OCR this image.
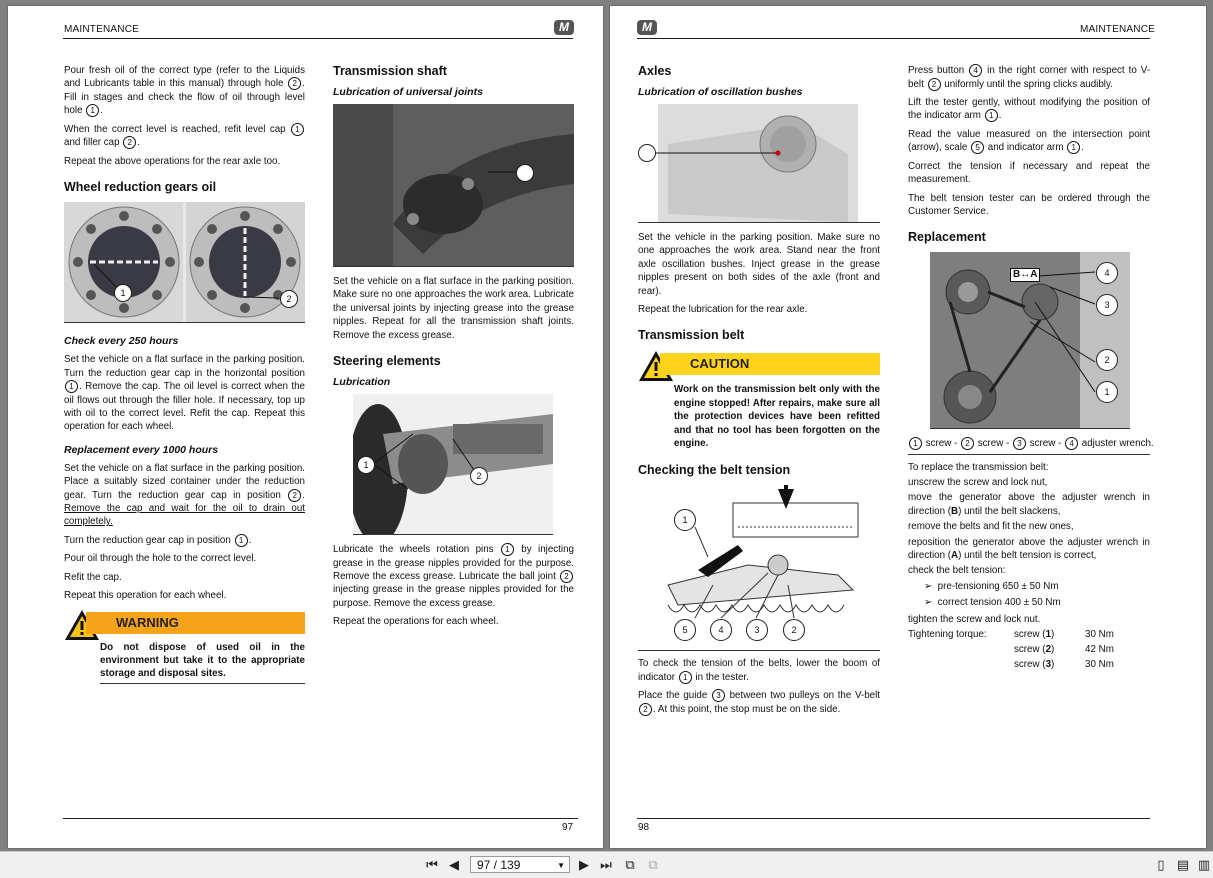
MAINTENANCE	M

Pour fresh oil of the correct type (refer to the Liquids and Lubricants table in this manual) through hole 2 . Fill in stages and check the flow of oil through level hole 1 .

When the correct level is reached, refit level cap 1 and filler cap 2 .

Repeat the above operations for the rear axle too.

Wheel reduction gears oil
1
2
Check every 250 hours

Set the vehicle on a flat surface in the parking position. Turn the reduction gear cap in the horizontal position 1 . Remove the cap. The oil level is correct when the oil flows out through the filler hole. If necessary, top up with oil to the correct level. Refit the cap. Repeat this operation for each wheel.

Replacement every 1000 hours

Set the vehicle on a flat surface in the parking position. Place a suitably sized container under the reduction gear. Turn the reduction gear cap in position 2 . Remove the cap and wait for the oil to drain out completely.

Turn the reduction gear cap in position 1 .

Pour oil through the hole to the correct level.

Refit the cap.

Repeat this operation for each wheel.

WARNING
Do not dispose of used oil in the environment but take it to the appropriate storage and disposal sites.
Transmission shaft
Lubrication of universal joints

Set the vehicle on a flat surface in the parking position. Make sure no one approaches the work area. Lubricate the universal joints by injecting grease into the grease nipples. Repeat for all the transmission shaft joints. Remove the excess grease.

Steering elements
Lubrication
1
2

Lubricate the wheels rotation pins 1 by injecting grease in the grease nipples provided for the purpose. Remove the excess grease. Lubricate the ball joint 2 injecting grease in the grease nipples provided for the purpose. Remove the excess grease.

Repeat the operations for each wheel.

97
M	MAINTENANCE
Axles
Lubrication of oscillation bushes

Set the vehicle in the parking position. Make sure no one approaches the work area. Stand near the front axle oscillation bushes. Inject grease in the grease nipples present on both sides of the axle (front and rear).

Repeat the lubrication for the rear axle.

Transmission belt
CAUTION
Work on the transmission belt only with the engine stopped! After repairs, make sure all the protection devices have been refitted and that no tool has been forgotten on the engine.
Checking the belt tension
1
5	4	3	2

To check the tension of the belts, lower the boom of indicator 1 in the tester.

Place the guide 3 between two pulleys on the V-belt 2 . At this point, the stop must be on the side.

Press button 4 in the right corner with respect to V-belt 2 uniformly until the spring clicks audibly.

Lift the tester gently, without modifying the position of the indicator arm 1 .

Read the value measured on the intersection point (arrow), scale 5 and indicator arm 1 .

Correct the tension if necessary and repeat the measurement.

The belt tension tester can be ordered through the Customer Service.

Replacement
B↔A	4
3
2
1
1 screw - 2 screw - 3 screw - 4 adjuster wrench.

To replace the transmission belt:

unscrew the screw and lock nut,

move the generator above the adjuster wrench in direction (B) until the belt slackens,

remove the belts and fit the new ones,

reposition the generator above the adjuster wrench in direction (A) until the belt tension is correct,

check the belt tension:

➢  pre-tensioning 650 ± 50 Nm
➢  correct tension 400 ± 50 Nm

tighten the screw and lock nut.

Tightening torque:	screw (1)	30 Nm
	screw (2)	42 Nm
	screw (3)	30 Nm
98
⏮ ◀	97 / 139	▼ ▶ ⏭ ⧉ ⧉	▯ ▤ ▥
